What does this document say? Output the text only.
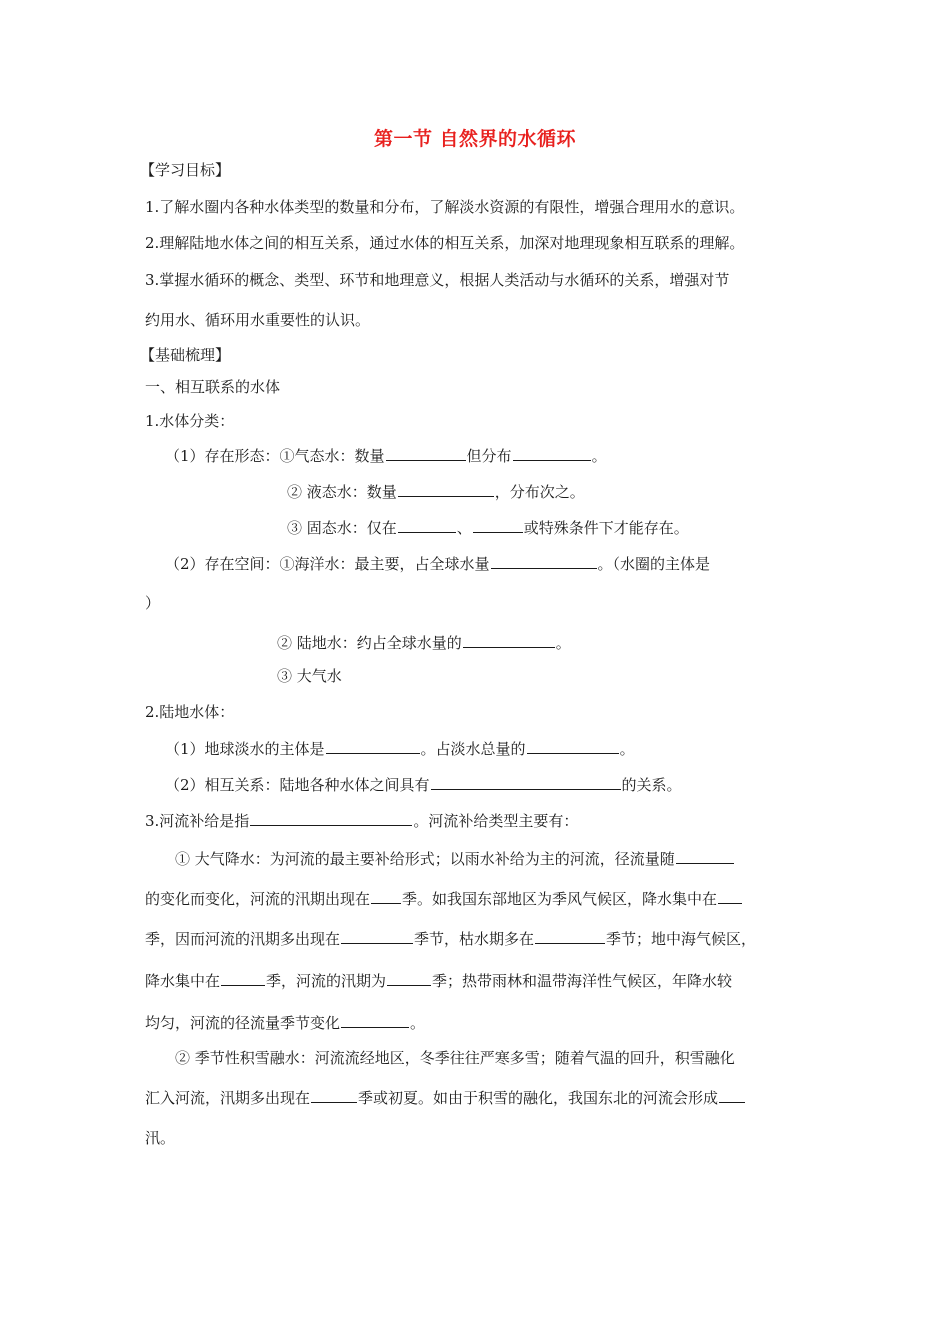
第一节 自然界的水循环
【学习目标】
1.了解水圈内各种水体类型的数量和分布，了解淡水资源的有限性，增强合理用水的意识。
2.理解陆地水体之间的相互关系，通过水体的相互关系，加深对地理现象相互联系的理解。
3.掌握水循环的概念、类型、环节和地理意义，根据人类活动与水循环的关系，增强对节
约用水、循环用水重要性的认识。
【基础梳理】
一、相互联系的水体
1.水体分类：
（1）存在形态：①气态水：数量	但分布	。
② 液态水：数量	，分布次之。
③ 固态水：仅在	、	或特殊条件下才能存在。
（2）存在空间：①海洋水：最主要，占全球水量	。（水圈的主体是
）
② 陆地水：约占全球水量的	。
③ 大气水
2.陆地水体：
（1）地球淡水的主体是	。占淡水总量的	。
（2）相互关系：陆地各种水体之间具有	的关系。
3.河流补给是指	。河流补给类型主要有：
① 大气降水：为河流的最主要补给形式；以雨水补给为主的河流，径流量随
的变化而变化，河流的汛期出现在 季。如我国东部地区为季风气候区，降水集中在
季，因而河流的汛期多出现在	季节，枯水期多在	季节；地中海气候区，
降水集中在	季，河流的汛期为	季；热带雨林和温带海洋性气候区，年降水较
均匀，河流的径流量季节变化	。
② 季节性积雪融水：河流流经地区，冬季往往严寒多雪；随着气温的回升，积雪融化
汇入河流，汛期多出现在	季或初夏。如由于积雪的融化，我国东北的河流会形成
汛。
